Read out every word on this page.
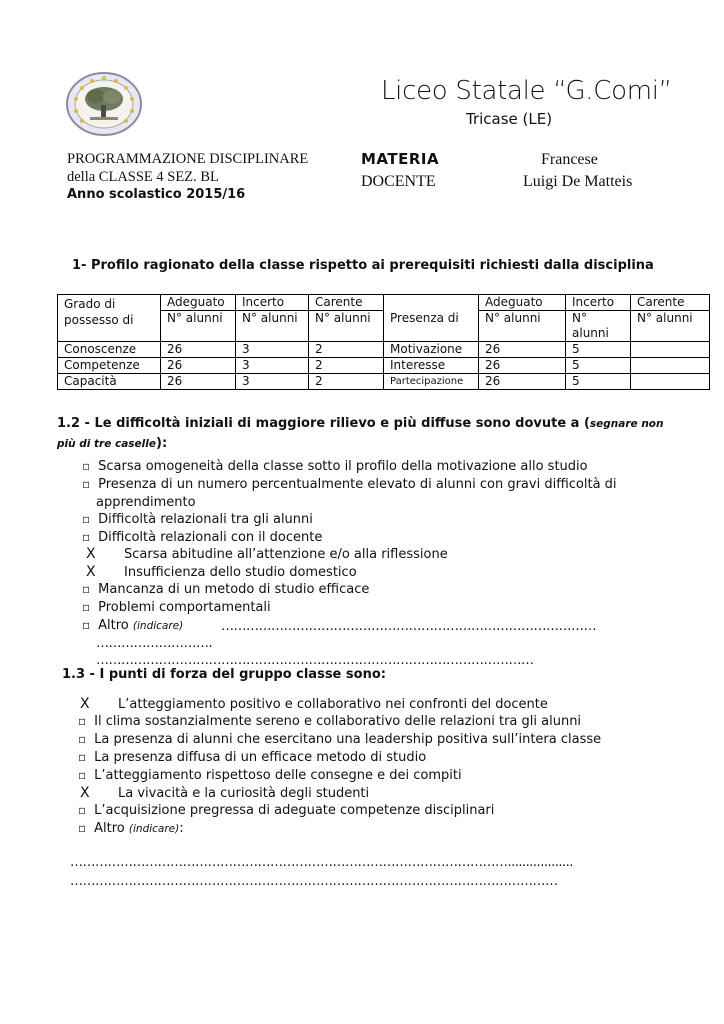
Liceo Statale “G.Comi”
Tricase (LE)
PROGRAMMAZIONE DISCIPLINARE
della CLASSE 4 SEZ. BL
Anno scolastico 2015/16
MATERIA	Francese
DOCENTE	Luigi De Matteis
1- Profilo ragionato della classe rispetto ai prerequisiti richiesti dalla disciplina
Grado di possesso di	Adeguato	Incerto	Carente	Presenza di	Adeguato	Incerto	Carente
	N° alunni	N° alunni	N° alunni		N° alunni	N° alunni	N° alunni
Conoscenze	26	3	2	Motivazione	26	5	
Competenze	26	3	2	Interesse	26	5	
Capacità	26	3	2	Partecipazione	26	5	
1.2 - Le difficoltà iniziali di maggiore rilievo e più diffuse sono dovute a (segnare non più di tre caselle):
▫ Scarsa omogeneità della classe sotto il profilo della motivazione allo studio
▫ Presenza di un numero percentualmente elevato di alunni con gravi difficoltà di
apprendimento
▫ Difficoltà relazionali tra gli alunni
▫ Difficoltà relazionali con il docente
X Scarsa abitudine all’attenzione e/o alla riflessione
X Insufficienza dello studio domestico
▫ Mancanza di un metodo di studio efficace
▫ Problemi comportamentali
▫ Altro (indicare)	………………………………………………………………………………
……………………….
……………………………………………………………………………………………
1.3 - I punti di forza del gruppo classe sono:
X L’atteggiamento positivo e collaborativo nei confronti del docente
▫ Il clima sostanzialmente sereno e collaborativo delle relazioni tra gli alunni
▫ La presenza di alunni che esercitano una leadership positiva sull’intera classe
▫ La presenza diffusa di un efficace metodo di studio
▫ L’atteggiamento rispettoso delle consegne e dei compiti
X La vivacità e la curiosità degli studenti
▫ L’acquisizione pregressa di adeguate competenze disciplinari
▫ Altro (indicare):
……………………………………………………………………………………………..................
………………………………………………………………………………………………………
